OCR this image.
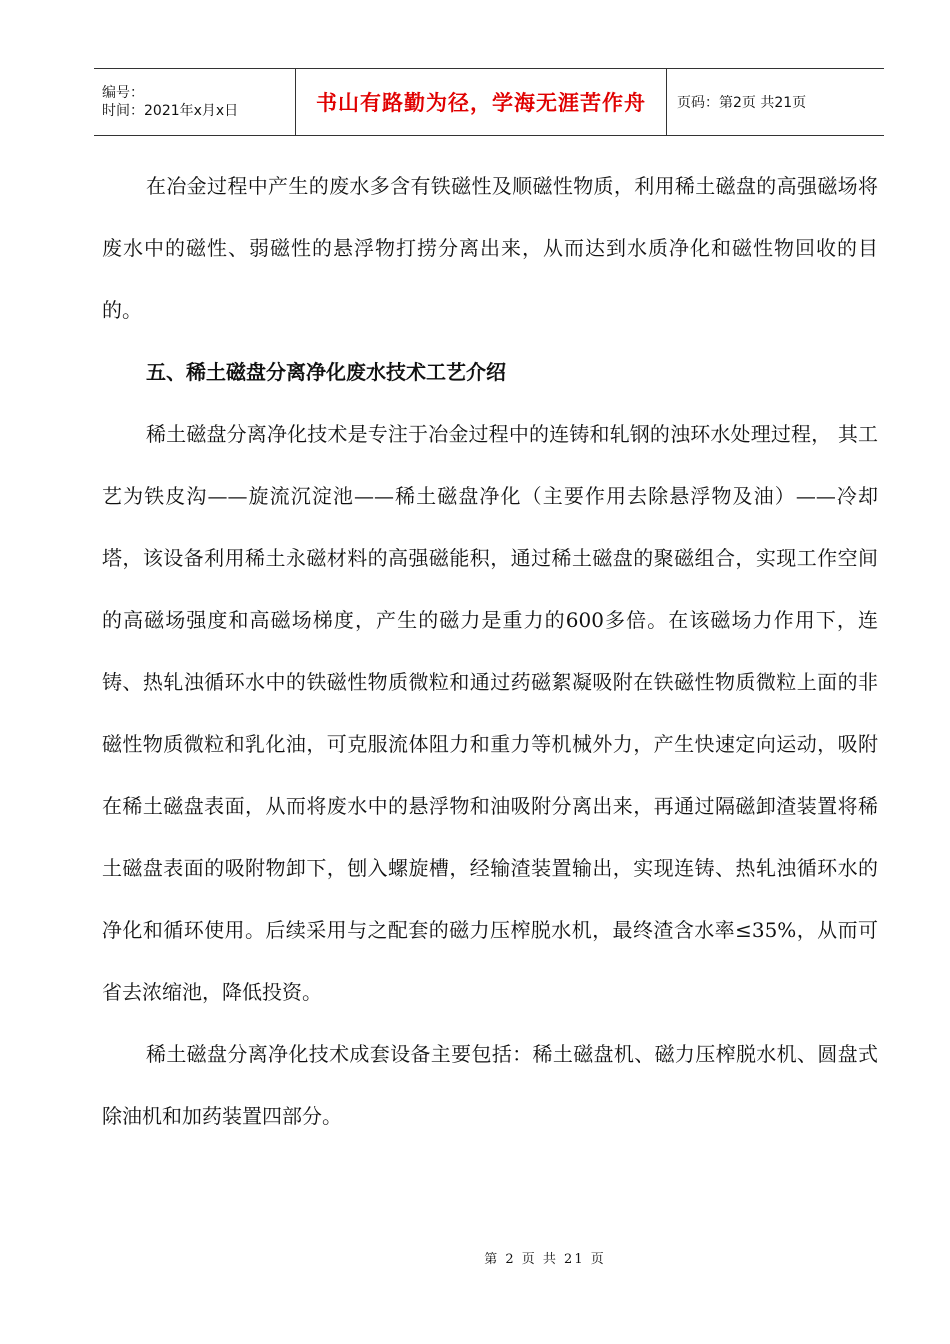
编号：
时间：2021年x月x日	书山有路勤为径，学海无涯苦作舟 页码：第2页 共21页

在冶金过程中产生的废水多含有铁磁性及顺磁性物质，利用稀土磁盘的高强磁场将废水中的磁性、弱磁性的悬浮物打捞分离出来，从而达到水质净化和磁性物回收的目的。

五、稀土磁盘分离净化废水技术工艺介绍

稀土磁盘分离净化技术是专注于冶金过程中的连铸和轧钢的浊环水处理过程， 其工艺为铁皮沟——旋流沉淀池——稀土磁盘净化（主要作用去除悬浮物及油）——冷却塔，该设备利用稀土永磁材料的高强磁能积，通过稀土磁盘的聚磁组合，实现工作空间的高磁场强度和高磁场梯度，产生的磁力是重力的600多倍。在该磁场力作用下，连铸、热轧浊循环水中的铁磁性物质微粒和通过药磁絮凝吸附在铁磁性物质微粒上面的非磁性物质微粒和乳化油，可克服流体阻力和重力等机械外力，产生快速定向运动，吸附在稀土磁盘表面，从而将废水中的悬浮物和油吸附分离出来，再通过隔磁卸渣装置将稀土磁盘表面的吸附物卸下，刨入螺旋槽，经输渣装置输出，实现连铸、热轧浊循环水的净化和循环使用。后续采用与之配套的磁力压榨脱水机，最终渣含水率≤35%，从而可省去浓缩池，降低投资。

稀土磁盘分离净化技术成套设备主要包括：稀土磁盘机、磁力压榨脱水机、圆盘式除油机和加药装置四部分。

第 2 页 共 21 页
